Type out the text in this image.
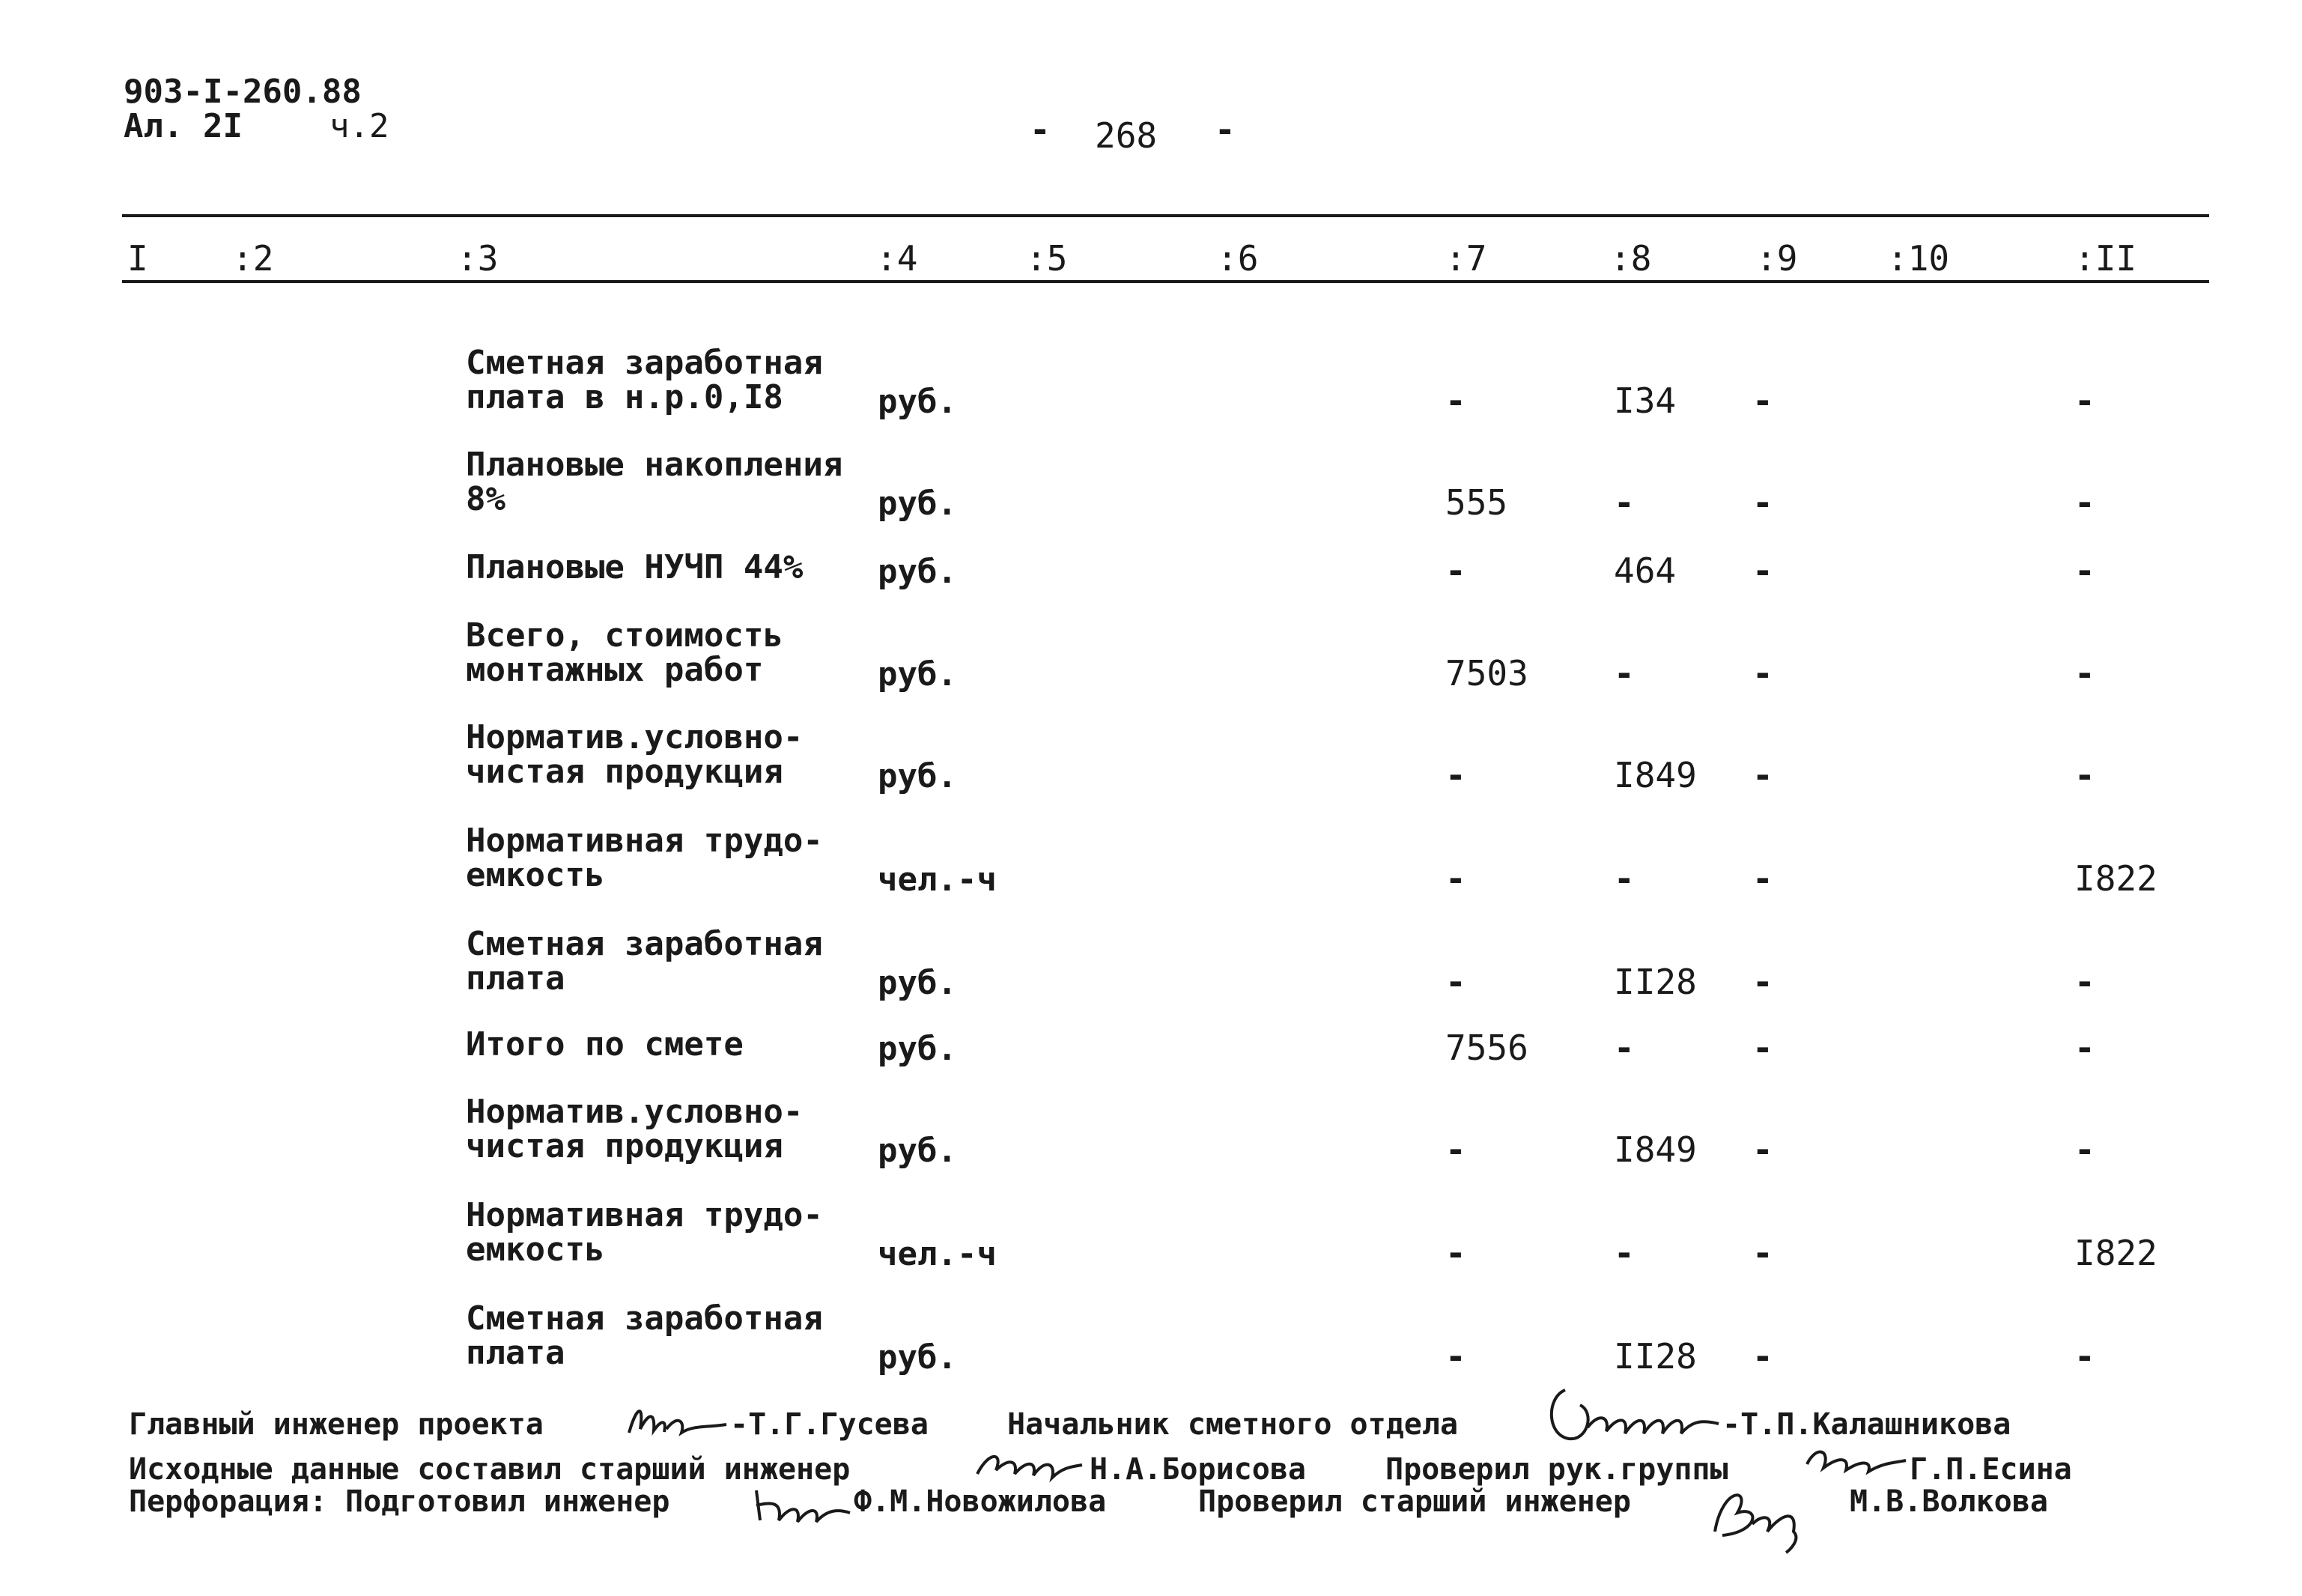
903-I-260.88
Ал. 2I	ч.2	- 268 -
I :2	:3	:4	:5	:6	:7	:8	:9	:10	:II
Сметная заработная
плата в н.р.0,I8	руб.	-	I34 -	-
Плановые накопления
8%	руб.	555	-	-	-
Плановые НУЧП 44% руб.	-	464 -	-
Всего, стоимость
монтажных работ	руб.	7503 -	-	-
Норматив.условно-
чистая продукция	руб.	-	I849 -	-
Нормативная трудо-
емкость	чел.-ч	-	-	-	I822
Сметная заработная
плата	руб.	-	II28 -	-
Итого по смете	руб.	7556 -	-	-
Норматив.условно-
чистая продукция	руб.	-	I849 -	-
Нормативная трудо-
емкость	чел.-ч	-	-	-	I822
Сметная заработная
плата	руб.	-	II28 -	-
Главный инженер проекта	-Т.Г.Гусева	Начальник сметного отдела	-Т.П.Калашникова
Исходные данные составил старший инженер	Н.А.Борисова	Проверил рук.группы	Г.П.Есина
Перфорация: Подготовил инженер	Ф.М.Новожилова	Проверил старший инженер	М.В.Волкова
